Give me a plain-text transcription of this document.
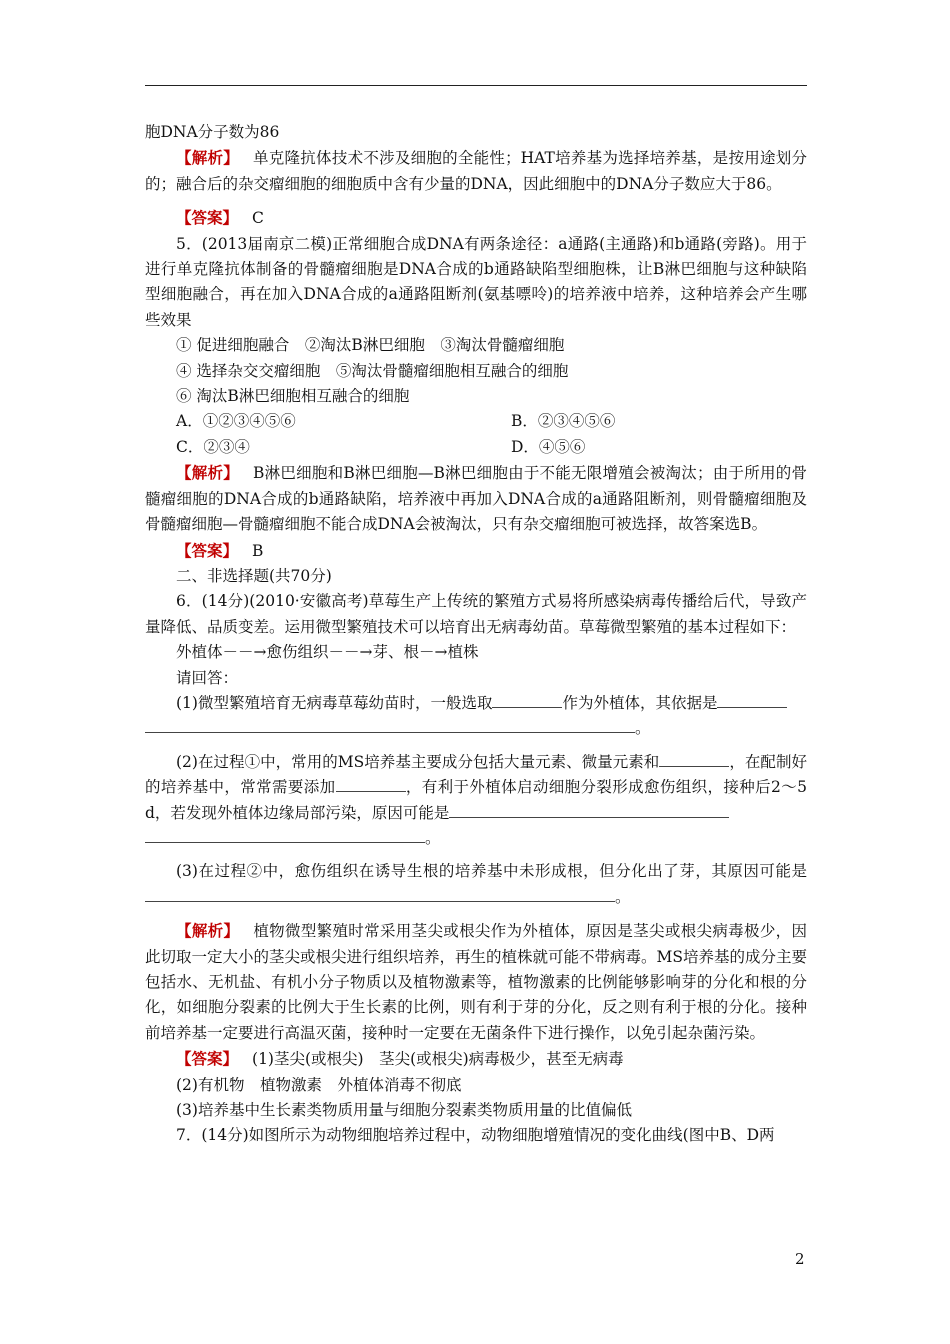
胞DNA分子数为86

【解析】 单克隆抗体技术不涉及细胞的全能性；HAT培养基为选择培养基，是按用途划分的；融合后的杂交瘤细胞的细胞质中含有少量的DNA，因此细胞中的DNA分子数应大于86。

【答案】 C

5．(2013届南京二模)正常细胞合成DNA有两条途径：a通路(主通路)和b通路(旁路)。用于进行单克隆抗体制备的骨髓瘤细胞是DNA合成的b通路缺陷型细胞株，让B淋巴细胞与这种缺陷型细胞融合，再在加入DNA合成的a通路阻断剂(氨基嘌呤)的培养液中培养，这种培养会产生哪些效果

① 促进细胞融合　②淘汰B淋巴细胞　③淘汰骨髓瘤细胞

④ 选择杂交交瘤细胞　⑤淘汰骨髓瘤细胞相互融合的细胞

⑥ 淘汰B淋巴细胞相互融合的细胞

A．①②③④⑤⑥	B．②③④⑤⑥
C．②③④	D．④⑤⑥

【解析】 B淋巴细胞和B淋巴细胞—B淋巴细胞由于不能无限增殖会被淘汰；由于所用的骨髓瘤细胞的DNA合成的b通路缺陷，培养液中再加入DNA合成的a通路阻断剂，则骨髓瘤细胞及骨髓瘤细胞—骨髓瘤细胞不能合成DNA会被淘汰，只有杂交瘤细胞可被选择，故答案选B。

【答案】 B

二、非选择题(共70分)

6．(14分)(2010·安徽高考)草莓生产上传统的繁殖方式易将所感染病毒传播给后代，导致产量降低、品质变差。运用微型繁殖技术可以培育出无病毒幼苗。草莓微型繁殖的基本过程如下：

外植体－－→愈伤组织－－→芽、根－→植株

请回答：

(1)微型繁殖培育无病毒草莓幼苗时，一般选取	作为外植体，其依据是

。

(2)在过程①中，常用的MS培养基主要成分包括大量元素、微量元素和	，在配制好的培养基中，常常需要添加	，有利于外植体启动细胞分裂形成愈伤组织，接种后2～5 d，若发现外植体边缘局部污染，原因可能是

。

(3)在过程②中，愈伤组织在诱导生根的培养基中未形成根，但分化出了芽，其原因可能是。

【解析】 植物微型繁殖时常采用茎尖或根尖作为外植体，原因是茎尖或根尖病毒极少，因此切取一定大小的茎尖或根尖进行组织培养，再生的植株就可能不带病毒。MS培养基的成分主要包括水、无机盐、有机小分子物质以及植物激素等，植物激素的比例能够影响芽的分化和根的分化，如细胞分裂素的比例大于生长素的比例，则有利于芽的分化，反之则有利于根的分化。接种前培养基一定要进行高温灭菌，接种时一定要在无菌条件下进行操作，以免引起杂菌污染。

【答案】 (1)茎尖(或根尖)　茎尖(或根尖)病毒极少，甚至无病毒

(2)有机物　植物激素　外植体消毒不彻底

(3)培养基中生长素类物质用量与细胞分裂素类物质用量的比值偏低

7．(14分)如图所示为动物细胞培养过程中，动物细胞增殖情况的变化曲线(图中B、D两

2
